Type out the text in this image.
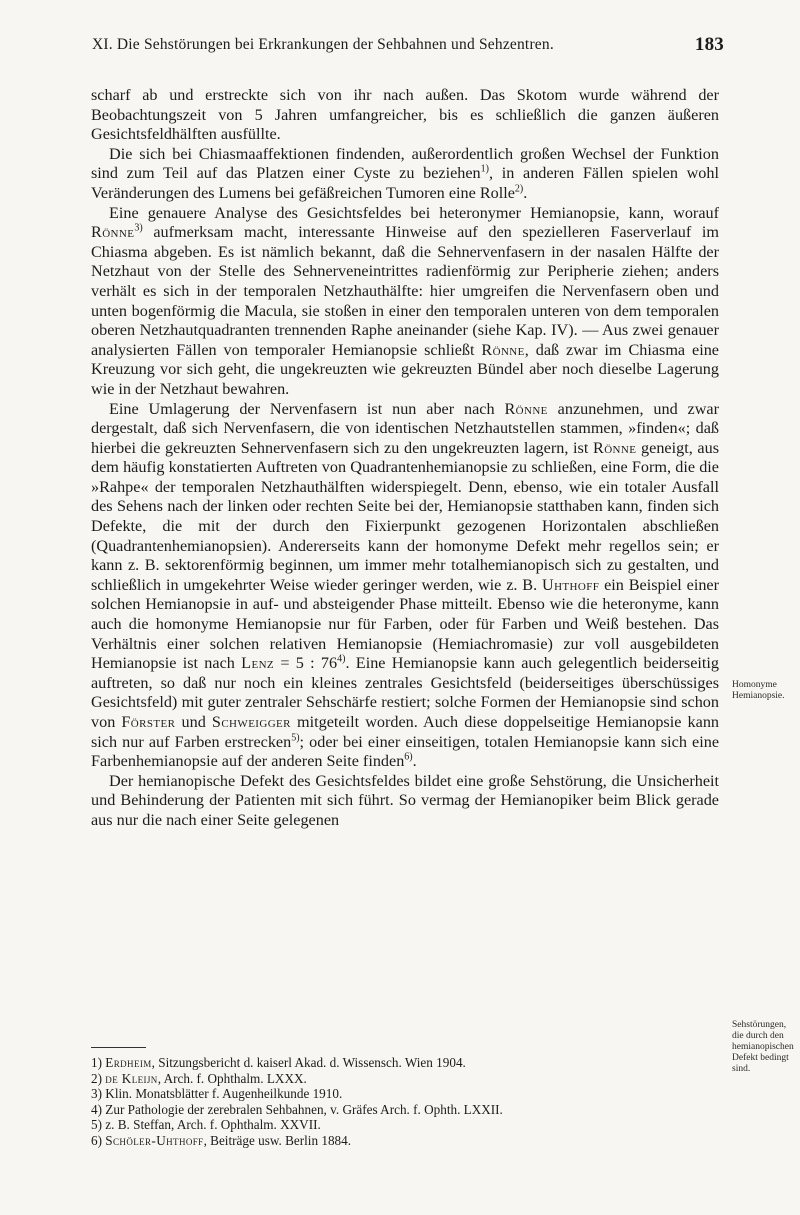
XI. Die Sehstörungen bei Erkrankungen der Sehbahnen und Sehzentren.	183

scharf ab und erstreckte sich von ihr nach außen. Das Skotom wurde während der Beobachtungszeit von 5 Jahren umfangreicher, bis es schließlich die ganzen äußeren Gesichtsfeldhälften ausfüllte.

Die sich bei Chiasmaaffektionen findenden, außerordentlich großen Wechsel der Funktion sind zum Teil auf das Platzen einer Cyste zu beziehen$^{1)}$, in anderen Fällen spielen wohl Veränderungen des Lumens bei gefäßreichen Tumoren eine Rolle$^{2)}$.

Eine genauere Analyse des Gesichtsfeldes bei heteronymer Hemianopsie, kann, worauf Rönne$^{3)}$ aufmerksam macht, interessante Hinweise auf den spezielleren Faserverlauf im Chiasma abgeben. Es ist nämlich bekannt, daß die Sehnervenfasern in der nasalen Hälfte der Netzhaut von der Stelle des Sehnerveneintrittes radienförmig zur Peripherie ziehen; anders verhält es sich in der temporalen Netzhauthälfte: hier umgreifen die Nervenfasern oben und unten bogenförmig die Macula, sie stoßen in einer den temporalen unteren von dem temporalen oberen Netzhautquadranten trennenden Raphe aneinander (siehe Kap. IV). — Aus zwei genauer analysierten Fällen von temporaler Hemianopsie schließt Rönne, daß zwar im Chiasma eine Kreuzung vor sich geht, die ungekreuzten wie gekreuzten Bündel aber noch dieselbe Lagerung wie in der Netzhaut bewahren.

Eine Umlagerung der Nervenfasern ist nun aber nach Rönne anzunehmen, und zwar dergestalt, daß sich Nervenfasern, die von identischen Netzhautstellen stammen, »finden«; daß hierbei die gekreuzten Sehnervenfasern sich zu den ungekreuzten lagern, ist Rönne geneigt, aus dem häufig konstatierten Auftreten von Quadrantenhemianopsie zu schließen, eine Form, die die »Rahpe« der temporalen Netzhauthälften widerspiegelt. Denn, ebenso, wie ein totaler Ausfall des Sehens nach der linken oder rechten Seite bei der, Hemianopsie statthaben kann, finden sich Defekte, die mit der durch den Fixierpunkt gezogenen Horizontalen abschließen (Quadrantenhemianopsien). Andererseits kann der homonyme Defekt mehr regellos sein; er kann z. B. sektorenförmig beginnen, um immer mehr totalhemianopisch sich zu gestalten, und schließlich in umgekehrter Weise wieder geringer werden, wie z. B. Uhthoff ein Beispiel einer solchen Hemianopsie in auf- und absteigender Phase mitteilt. Ebenso wie die heteronyme, kann auch die homonyme Hemianopsie nur für Farben, oder für Farben und Weiß bestehen. Das Verhältnis einer solchen relativen Hemianopsie (Hemiachromasie) zur voll ausgebildeten Hemianopsie ist nach Lenz = 5 : 76$^{4)}$. Eine Hemianopsie kann auch gelegentlich beiderseitig auftreten, so daß nur noch ein kleines zentrales Gesichtsfeld (beiderseitiges überschüssiges Gesichtsfeld) mit guter zentraler Sehschärfe restiert; solche Formen der Hemianopsie sind schon von Förster und Schweigger mitgeteilt worden. Auch diese doppelseitige Hemianopsie kann sich nur auf Farben erstrecken$^{5)}$; oder bei einer einseitigen, totalen Hemianopsie kann sich eine Farbenhemianopsie auf der anderen Seite finden$^{6)}$.

Der hemianopische Defekt des Gesichtsfeldes bildet eine große Sehstörung, die Unsicherheit und Behinderung der Patienten mit sich führt. So vermag der Hemianopiker beim Blick gerade aus nur die nach einer Seite gelegenen

Homonyme Hemianopsie.
Sehstörungen, die durch den hemianopischen Defekt bedingt sind.
1) Erdheim, Sitzungsbericht d. kaiserl Akad. d. Wissensch. Wien 1904.
2) de Kleijn, Arch. f. Ophthalm. LXXX.
3) Klin. Monatsblätter f. Augenheilkunde 1910.
4) Zur Pathologie der zerebralen Sehbahnen, v. Gräfes Arch. f. Ophth. LXXII.
5) z. B. Steffan, Arch. f. Ophthalm. XXVII.
6) Schöler-Uhthoff, Beiträge usw. Berlin 1884.
